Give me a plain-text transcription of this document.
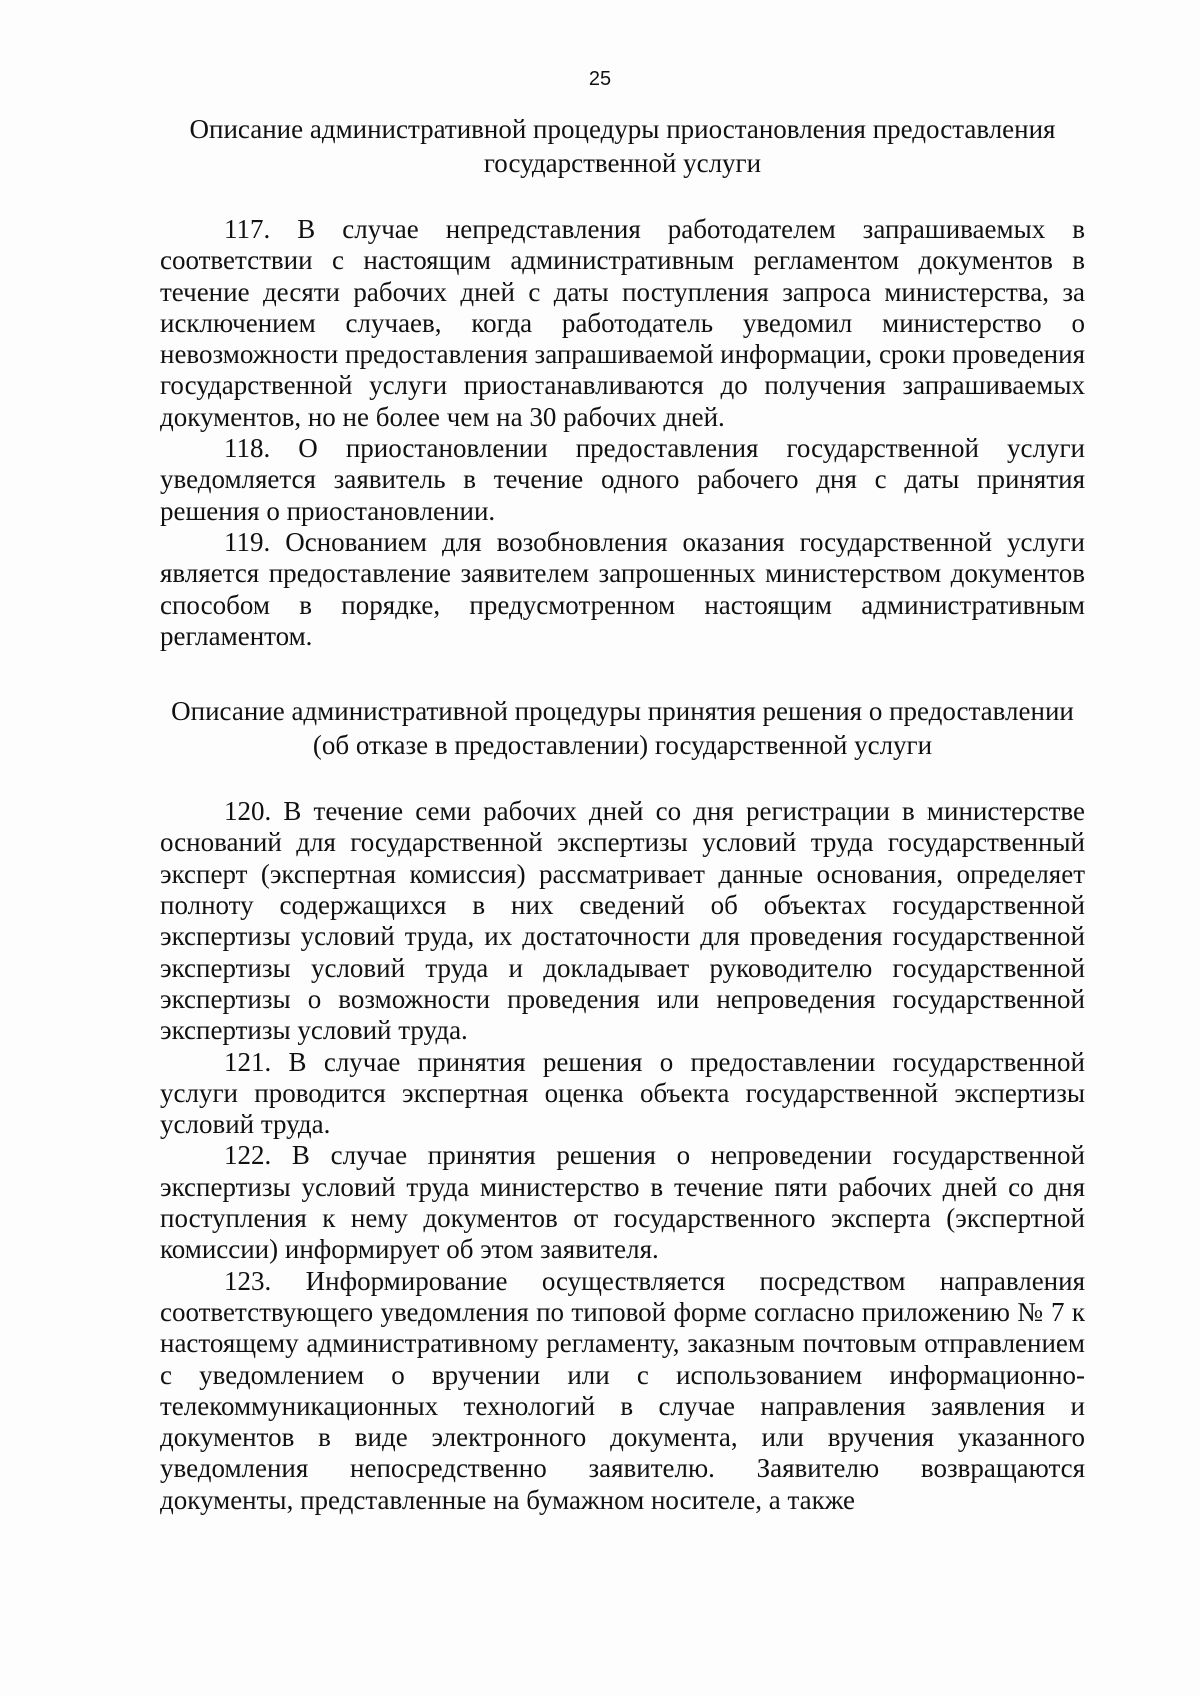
25

Описание административной процедуры приостановления предоставления государственной услуги

117. В случае непредставления работодателем запрашиваемых в соответствии с настоящим административным регламентом документов в течение десяти рабочих дней с даты поступления запроса министерства, за исключением случаев, когда работодатель уведомил министерство о невозможности предоставления запрашиваемой информации, сроки проведения государственной услуги приостанавливаются до получения запрашиваемых документов, но не более чем на 30 рабочих дней.

118. О приостановлении предоставления государственной услуги уведомляется заявитель в течение одного рабочего дня с даты принятия решения о приостановлении.

119. Основанием для возобновления оказания государственной услуги является предоставление заявителем запрошенных министерством документов способом в порядке, предусмотренном настоящим административным регламентом.

Описание административной процедуры принятия решения о предоставлении (об отказе в предоставлении) государственной услуги

120. В течение семи рабочих дней со дня регистрации в министерстве оснований для государственной экспертизы условий труда государственный эксперт (экспертная комиссия) рассматривает данные основания, определяет полноту содержащихся в них сведений об объектах государственной экспертизы условий труда, их достаточности для проведения государственной экспертизы условий труда и докладывает руководителю государственной экспертизы о возможности проведения или непроведения государственной экспертизы условий труда.

121. В случае принятия решения о предоставлении государственной услуги проводится экспертная оценка объекта государственной экспертизы условий труда.

122. В случае принятия решения о непроведении государственной экспертизы условий труда министерство в течение пяти рабочих дней со дня поступления к нему документов от государственного эксперта (экспертной комиссии) информирует об этом заявителя.

123. Информирование осуществляется посредством направления соответствующего уведомления по типовой форме согласно приложению № 7 к настоящему административному регламенту, заказным почтовым отправлением с уведомлением о вручении или с использованием информационно-телекоммуникационных технологий в случае направления заявления и документов в виде электронного документа, или вручения указанного уведомления непосредственно заявителю. Заявителю возвращаются документы, представленные на бумажном носителе, а также
